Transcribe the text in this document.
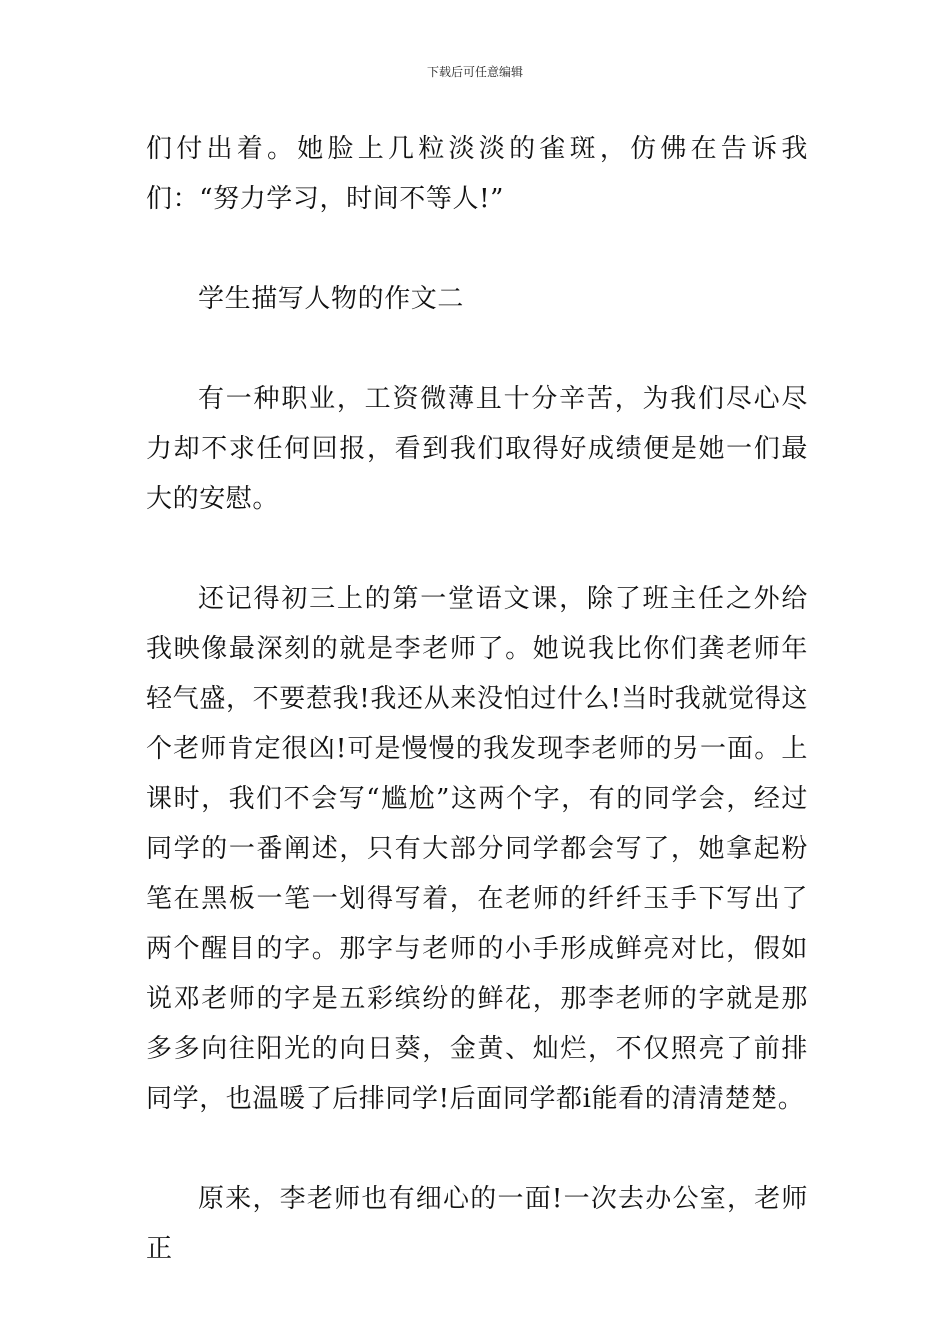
下载后可任意编辑

们付出着。她脸上几粒淡淡的雀斑，仿佛在告诉我们：“努力学习，时间不等人!”

学生描写人物的作文二

有一种职业，工资微薄且十分辛苦，为我们尽心尽力却不求任何回报，看到我们取得好成绩便是她一们最大的安慰。

还记得初三上的第一堂语文课，除了班主任之外给我映像最深刻的就是李老师了。她说我比你们龚老师年轻气盛，不要惹我!我还从来没怕过什么!当时我就觉得这个老师肯定很凶!可是慢慢的我发现李老师的另一面。上课时，我们不会写“尴尬”这两个字，有的同学会，经过同学的一番阐述，只有大部分同学都会写了，她拿起粉笔在黑板一笔一划得写着，在老师的纤纤玉手下写出了两个醒目的字。那字与老师的小手形成鲜亮对比，假如说邓老师的字是五彩缤纷的鲜花，那李老师的字就是那多多向往阳光的向日葵，金黄、灿烂，不仅照亮了前排同学，也温暖了后排同学!后面同学都i能看的清清楚楚。

原来，李老师也有细心的一面!一次去办公室，老师正
